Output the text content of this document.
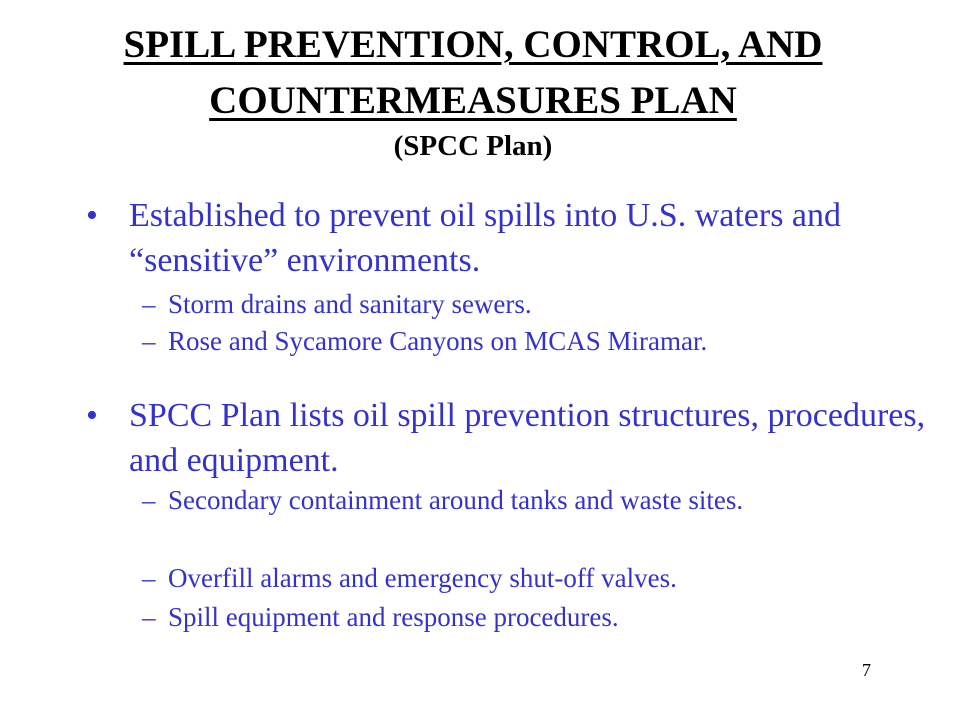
SPILL PREVENTION, CONTROL, AND
COUNTERMEASURES PLAN
(SPCC Plan)
• Established to prevent oil spills into U.S. waters and “sensitive” environments.
– Storm drains and sanitary sewers.
– Rose and Sycamore Canyons on MCAS Miramar.
• SPCC Plan lists oil spill prevention structures, procedures, and equipment.
– Secondary containment around tanks and waste sites.
– Overfill alarms and emergency shut-off valves.
– Spill equipment and response procedures.
7
